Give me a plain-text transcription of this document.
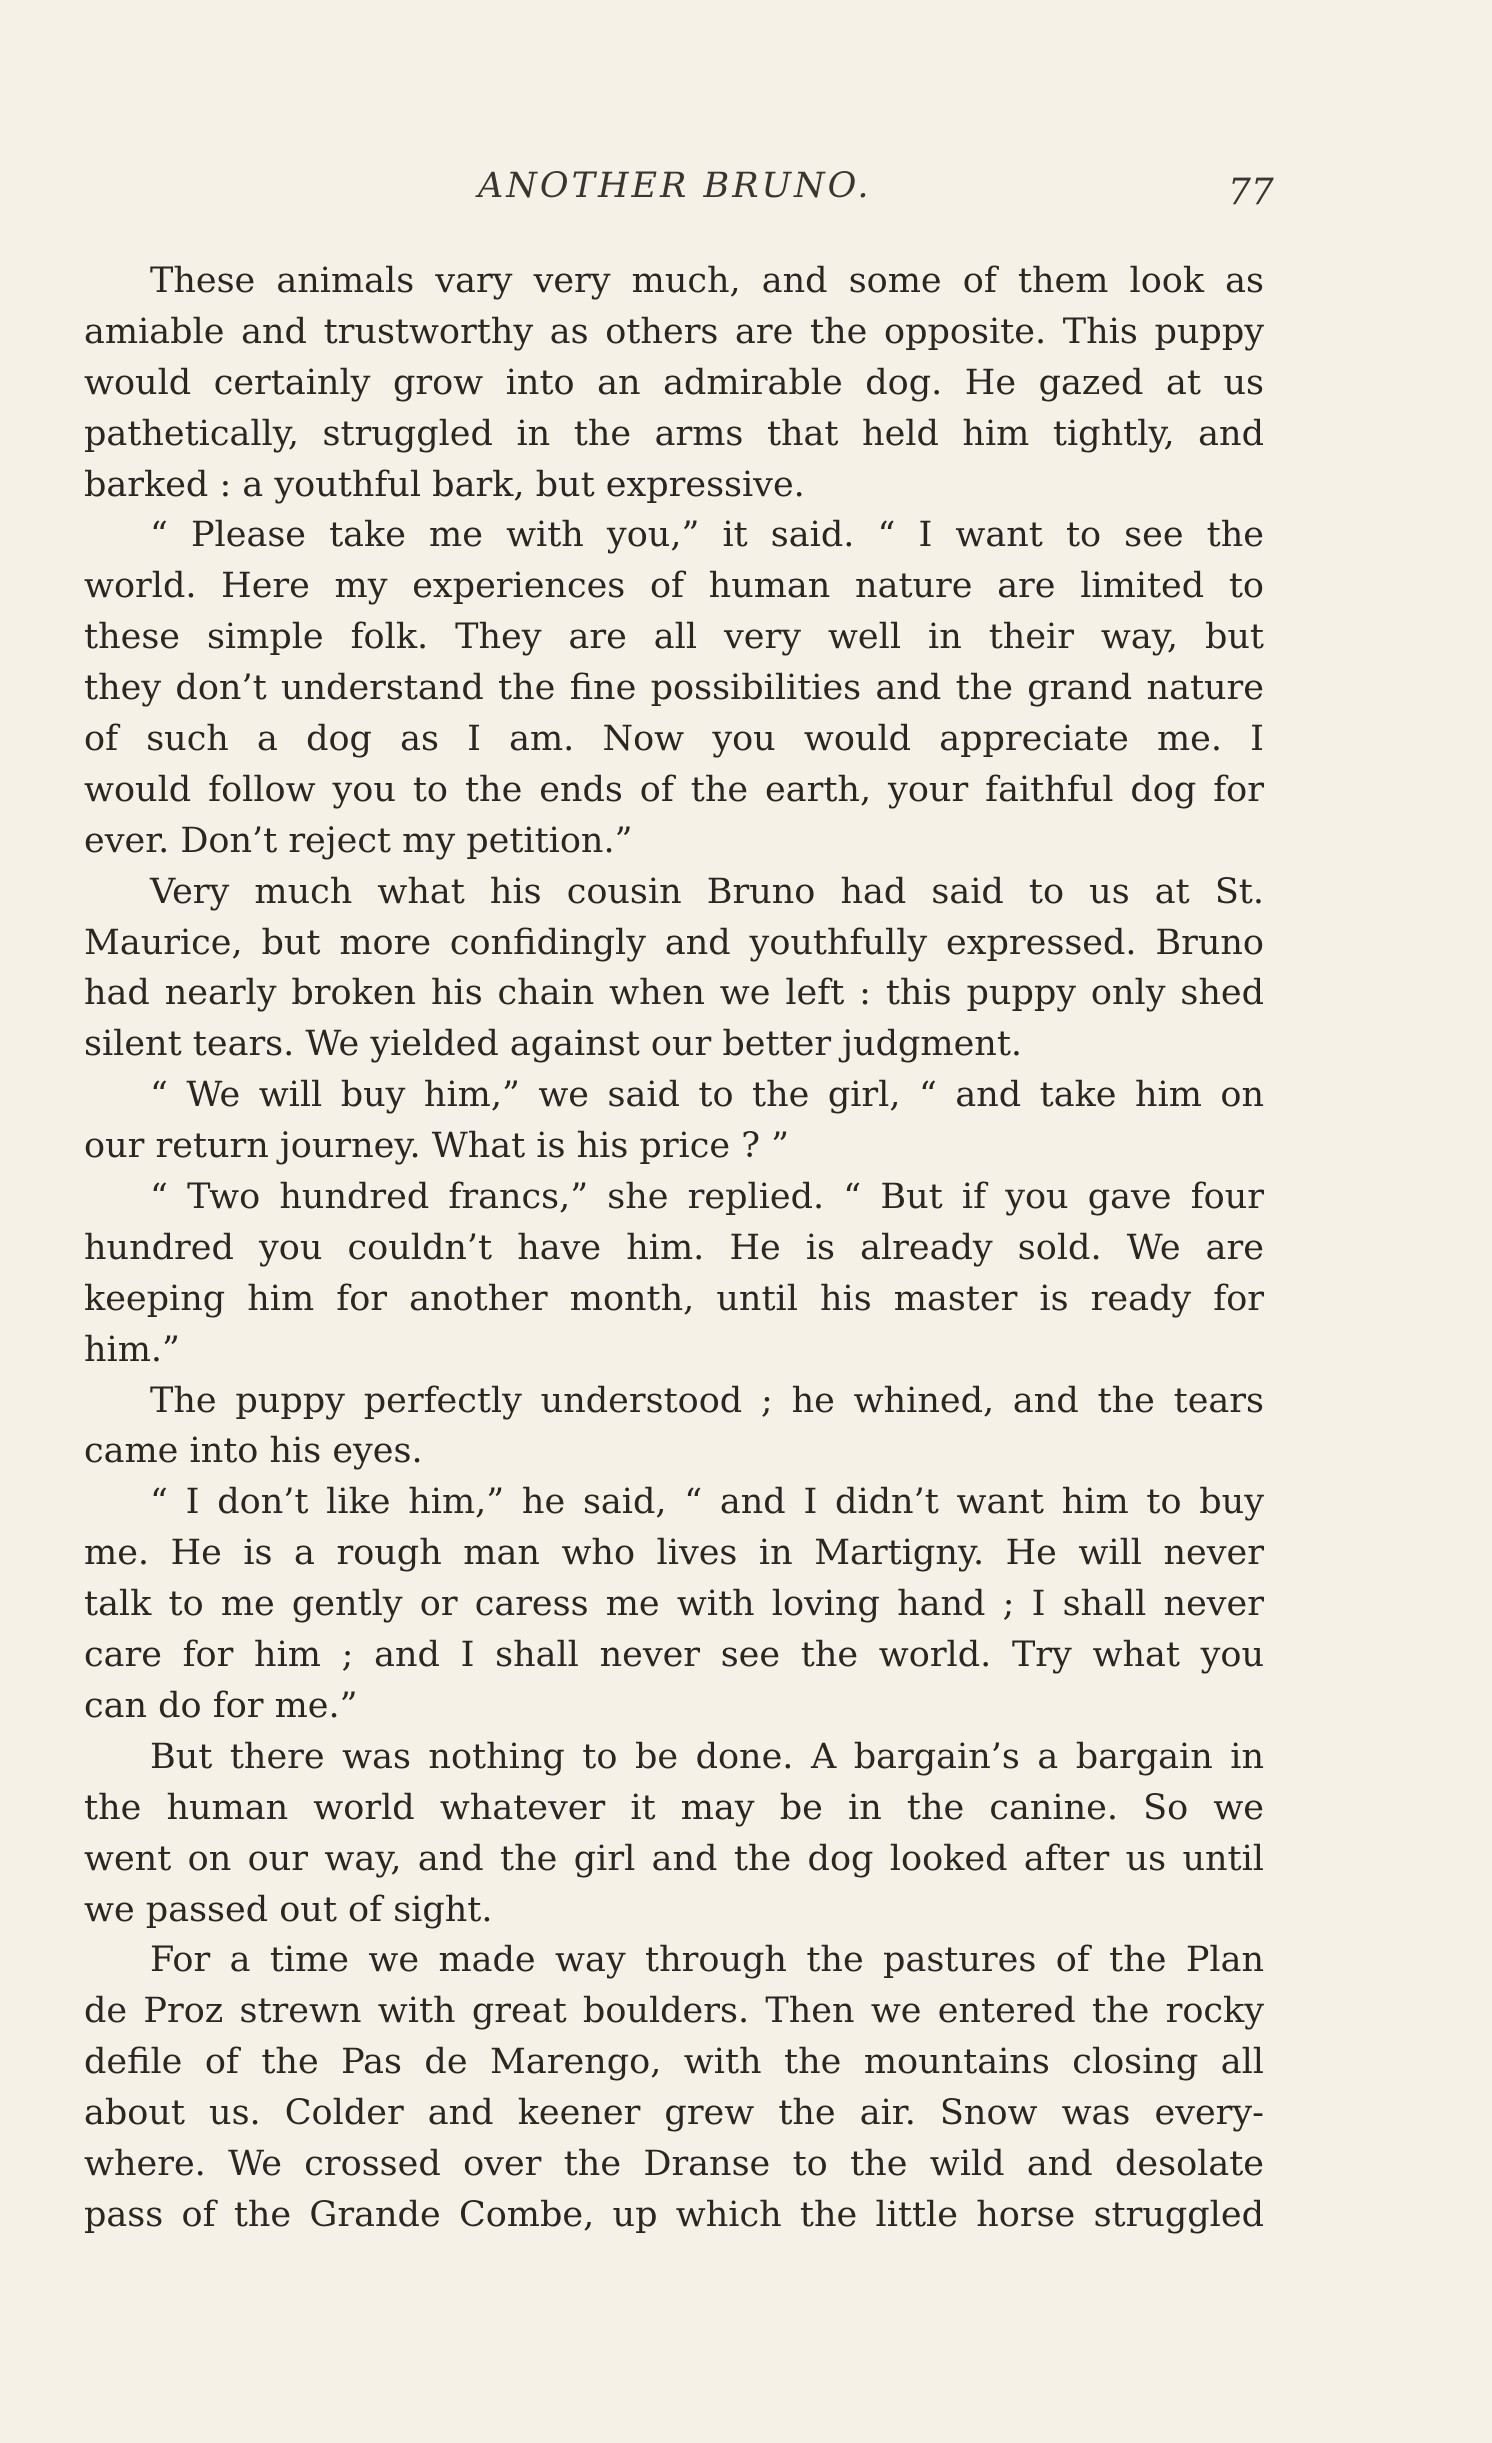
ANOTHER BRUNO.	77
These animals vary very much, and some of them look as
amiable and trustworthy as others are the opposite. This puppy
would certainly grow into an admirable dog. He gazed at us
pathetically, struggled in the arms that held him tightly, and
barked : a youthful bark, but expressive.
“ Please take me with you,” it said. “ I want to see the
world. Here my experiences of human nature are limited to
these simple folk. They are all very well in their way, but
they don’t understand the fine possibilities and the grand nature
of such a dog as I am. Now you would appreciate me. I
would follow you to the ends of the earth, your faithful dog for
ever. Don’t reject my petition.”
Very much what his cousin Bruno had said to us at St.
Maurice, but more confidingly and youthfully expressed. Bruno
had nearly broken his chain when we left : this puppy only shed
silent tears. We yielded against our better judgment.
“ We will buy him,” we said to the girl, “ and take him on
our return journey. What is his price ? ”
“ Two hundred francs,” she replied. “ But if you gave four
hundred you couldn’t have him. He is already sold. We are
keeping him for another month, until his master is ready for
him.”
The puppy perfectly understood ; he whined, and the tears
came into his eyes.
“ I don’t like him,” he said, “ and I didn’t want him to buy
me. He is a rough man who lives in Martigny. He will never
talk to me gently or caress me with loving hand ; I shall never
care for him ; and I shall never see the world. Try what you
can do for me.”
But there was nothing to be done. A bargain’s a bargain in
the human world whatever it may be in the canine. So we
went on our way, and the girl and the dog looked after us until
we passed out of sight.
For a time we made way through the pastures of the Plan
de Proz strewn with great boulders. Then we entered the rocky
defile of the Pas de Marengo, with the mountains closing all
about us. Colder and keener grew the air. Snow was every-
where. We crossed over the Dranse to the wild and desolate
pass of the Grande Combe, up which the little horse struggled
